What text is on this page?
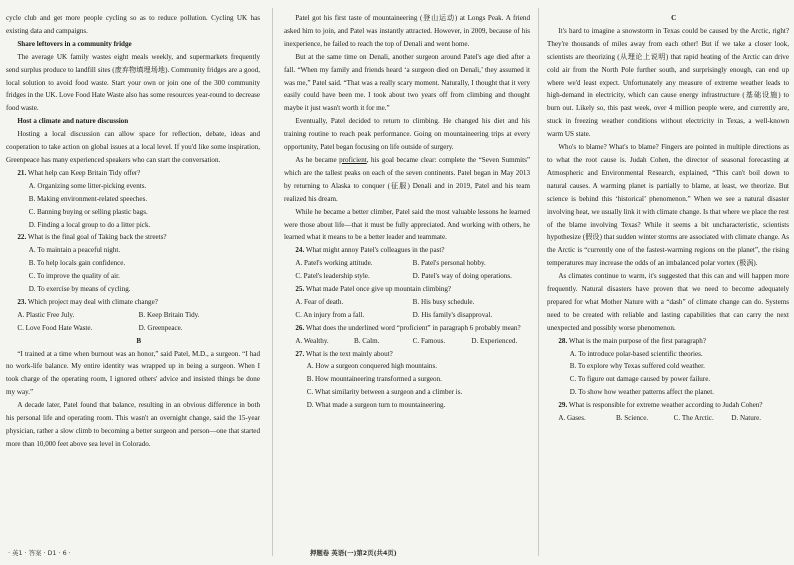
cycle club and get more people cycling so as to reduce pollution. Cycling UK has existing data and campaigns.

Share leftovers in a community fridge

The average UK family wastes eight meals weekly, and supermarkets frequently send surplus produce to landfill sites (废弃物填埋场地). Community fridges are a good, local solution to avoid food waste. Start your own or join one of the 300 community fridges in the UK. Love Food Hate Waste also has some resources year-round to decrease food waste.

Host a climate and nature discussion

Hosting a local discussion can allow space for reflection, debate, ideas and cooperation to take action on global issues at a local level. If you'd like some inspiration, Greenpeace has many experienced speakers who can start the conversation.

21. What help can Keep Britain Tidy offer?

A. Organizing some litter-picking events.

B. Making environment-related speeches.

C. Banning buying or selling plastic bags.

D. Finding a local group to do a litter pick.

22. What is the final goal of Taking back the streets?

A. To maintain a peaceful night.

B. To help locals gain confidence.

C. To improve the quality of air.

D. To exercise by means of cycling.

23. Which project may deal with climate change?

A. Plastic Free July.	B. Keep Britain Tidy.
C. Love Food Hate Waste.	D. Greenpeace.

B

“I trained at a time when burnout was an honor,” said Patel, M.D., a surgeon. “I had no work-life balance. My entire identity was wrapped up in being a surgeon. When I took charge of the operating room, I ignored others' advice and insisted things be done my way.”

A decade later, Patel found that balance, resulting in an obvious difference in both his personal life and operating room. This wasn't an overnight change, said the 15-year physician, rather a slow climb to becoming a better surgeon and person—one that started more than 10,000 feet above sea level in Colorado.

Patel got his first taste of mountaineering (登山运动) at Longs Peak. A friend asked him to join, and Patel was instantly attracted. However, in 2009, because of his inexperience, he failed to reach the top of Denali and went home.

But at the same time on Denali, another surgeon around Patel's age died after a fall. “When my family and friends heard ‘a surgeon died on Denali,’ they assumed it was me,” Patel said. “That was a really scary moment. Naturally, I thought that it very easily could have been me. I took about two years off from climbing and thought maybe it just wasn't worth it for me.”

Eventually, Patel decided to return to climbing. He changed his diet and his training routine to reach peak performance. Going on mountaineering trips at every opportunity, Patel began focusing on life outside of surgery.

As he became proficient, his goal became clear: complete the “Seven Summits” which are the tallest peaks on each of the seven continents. Patel began in May 2013 by returning to Alaska to conquer (征服) Denali and in 2019, Patel and his team realized his dream.

While he became a better climber, Patel said the most valuable lessons he learned were those about life—that it must be fully appreciated. And working with others, he learned what it means to be a better leader and teammate.

24. What might annoy Patel's colleagues in the past?

A. Patel's working attitude.	B. Patel's personal hobby.
C. Patel's leadership style.	D. Patel's way of doing operations.

25. What made Patel once give up mountain climbing?

A. Fear of death.	B. His busy schedule.
C. An injury from a fall.	D. His family's disapproval.

26. What does the underlined word “proficient” in paragraph 6 probably mean?

A. Wealthy.	B. Calm.	C. Famous.	D. Experienced.

27. What is the text mainly about?

A. How a surgeon conquered high mountains.

B. How mountaineering transformed a surgeon.

C. What similarity between a surgeon and a climber is.

D. What made a surgeon turn to mountaineering.

C

It's hard to imagine a snowstorm in Texas could be caused by the Arctic, right? They're thousands of miles away from each other! But if we take a closer look, scientists are theorizing (从理论上说明) that rapid heating of the Arctic can drive cold air from the North Pole further south, and surprisingly enough, can end up where we'd least expect. Unfortunately any measure of extreme weather leads to high-demand in electricity, which can cause energy infrastructure (基础设施) to burn out. Likely so, this past week, over 4 million people were, and currently are, stuck in freezing weather conditions without electricity in Texas, a well-known warm US state.

Who's to blame? What's to blame? Fingers are pointed in multiple directions as to what the root cause is. Judah Cohen, the director of seasonal forecasting at Atmospheric and Environmental Research, explained, “This can't boil down to natural causes. A warming planet is partially to blame, at least, we theorize. But science is behind this ‘historical’ phenomenon.” When we see a natural disaster involving heat, we usually link it with climate change. Is that where we place the rest of the blame involving Texas? While it seems a bit uncharacteristic, scientists hypothesize (假设) that sudden winter storms are associated with climate change. As the Arctic is “currently one of the fastest-warming regions on the planet”, the rising temperatures may increase the odds of an imbalanced polar vortex (极涡).

As climates continue to warm, it's suggested that this can and will happen more frequently. Natural disasters have proven that we need to become adequately prepared for what Mother Nature with a “dash” of climate change can do. Systems need to be created with reliable and lasting capabilities that can carry the next unexpected and possibly worse phenomenon.

28. What is the main purpose of the first paragraph?

A. To introduce polar-based scientific theories.

B. To explore why Texas suffered cold weather.

C. To figure out damage caused by power failure.

D. To show how weather patterns affect the planet.

29. What is responsible for extreme weather according to Judah Cohen?

A. Gases.	B. Science.	C. The Arctic.	D. Nature.
· 英1 · 答案 · D1 · 6 ·	押题卷 英语(一)第2页(共4页)
